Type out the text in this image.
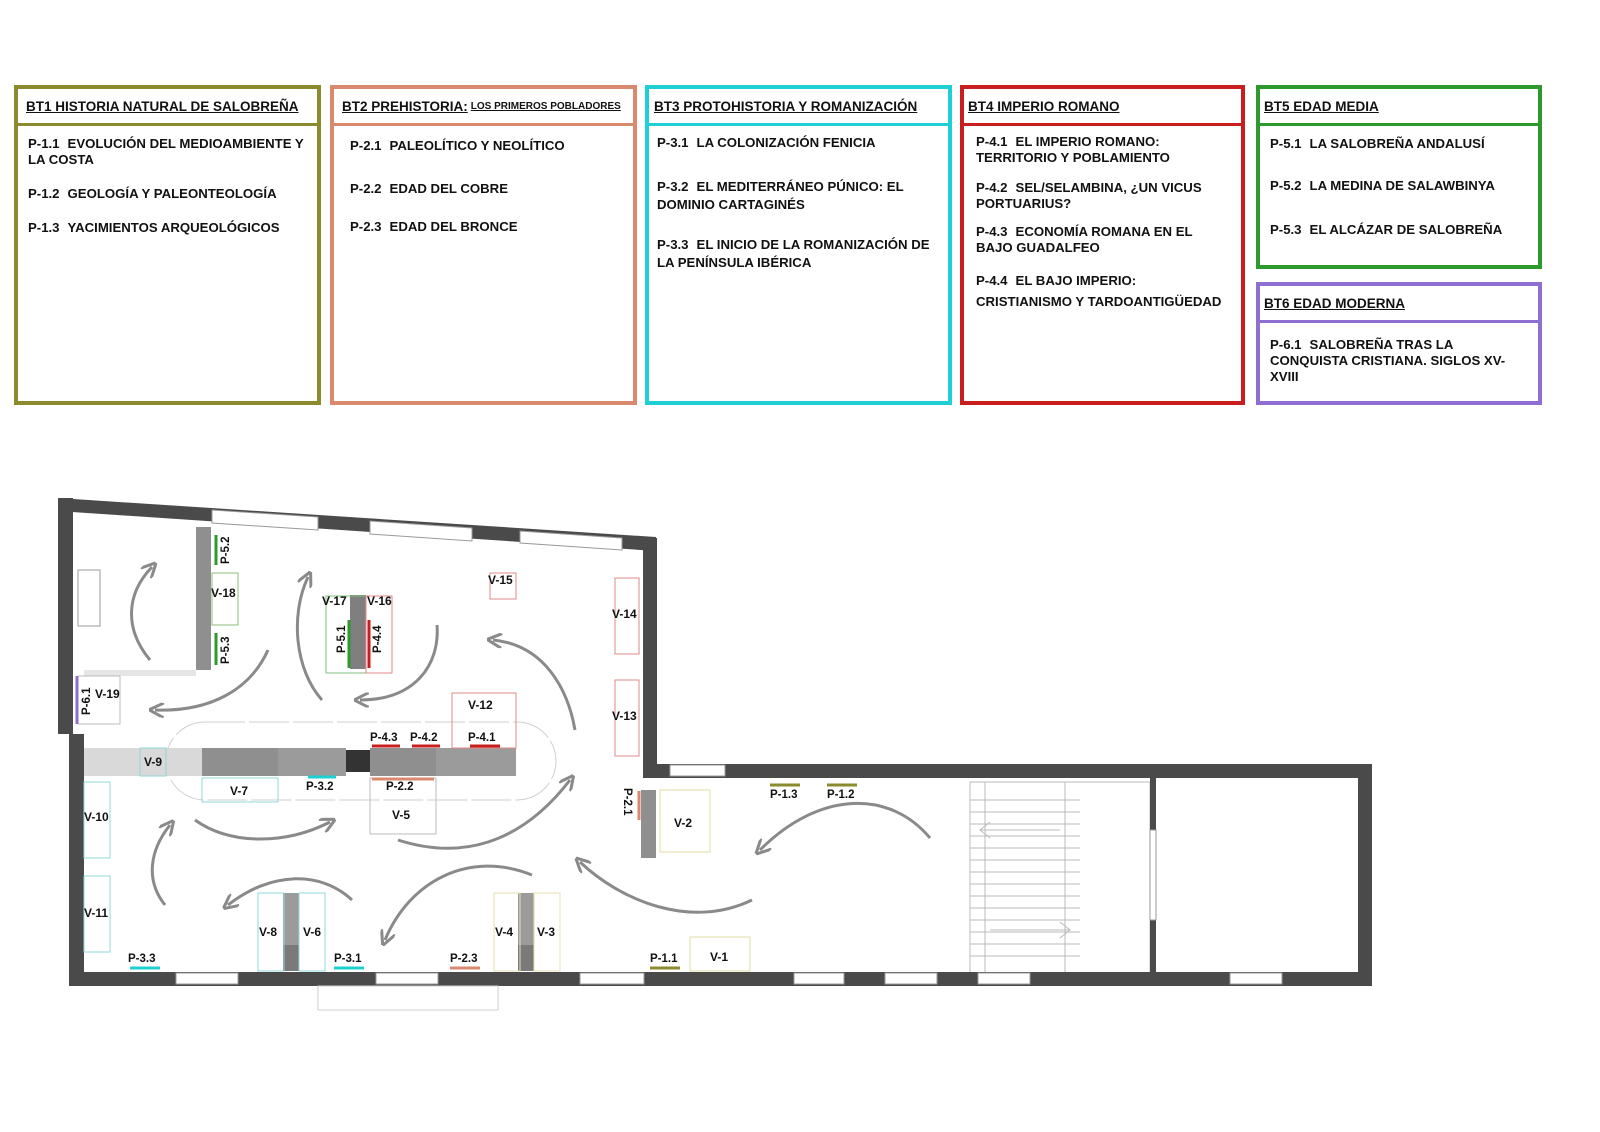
BT1 HISTORIA NATURAL DE SALOBREÑA
P-1.1 EVOLUCIÓN DEL MEDIOAMBIENTE Y LA COSTA
P-1.2 GEOLOGÍA Y PALEONTEOLOGÍA
P-1.3 YACIMIENTOS ARQUEOLÓGICOS
BT2 PREHISTORIA: LOS PRIMEROS POBLADORES
P-2.1 PALEOLÍTICO Y NEOLÍTICO
P-2.2 EDAD DEL COBRE
P-2.3 EDAD DEL BRONCE
BT3 PROTOHISTORIA Y ROMANIZACIÓN
P-3.1 LA COLONIZACIÓN FENICIA
P-3.2 EL MEDITERRÁNEO PÚNICO: EL DOMINIO CARTAGINÉS
P-3.3 EL INICIO DE LA ROMANIZACIÓN DE LA PENÍNSULA IBÉRICA
BT4 IMPERIO ROMANO
P-4.1 EL IMPERIO ROMANO: TERRITORIO Y POBLAMIENTO
P-4.2 SEL/SELAMBINA, ¿UN VICUS PORTUARIUS?
P-4.3 ECONOMÍA ROMANA EN EL BAJO GUADALFEO
P-4.4 EL BAJO IMPERIO: CRISTIANISMO Y TARDOANTIGÜEDAD
BT5 EDAD MEDIA
P-5.1 LA SALOBREÑA ANDALUSÍ
P-5.2 LA MEDINA DE SALAWBINYA
P-5.3 EL ALCÁZAR DE SALOBREÑA
BT6 EDAD MODERNA
P-6.1 SALOBREÑA TRAS LA CONQUISTA CRISTIANA. SIGLOS XV-XVIII
V-1
V-2
V-3
V-4
V-5
V-6
V-7
V-8
V-9
V-10
V-11
V-12
V-13
V-14
V-15
V-16
V-17
V-18
V-19
P-1.1
P-1.2
P-1.3
P-2.2
P-2.3
P-3.1
P-3.2
P-3.3
P-4.1
P-4.2
P-4.3
P-2.1
P-4.4
P-5.1
P-5.2
P-5.3
P-6.1
